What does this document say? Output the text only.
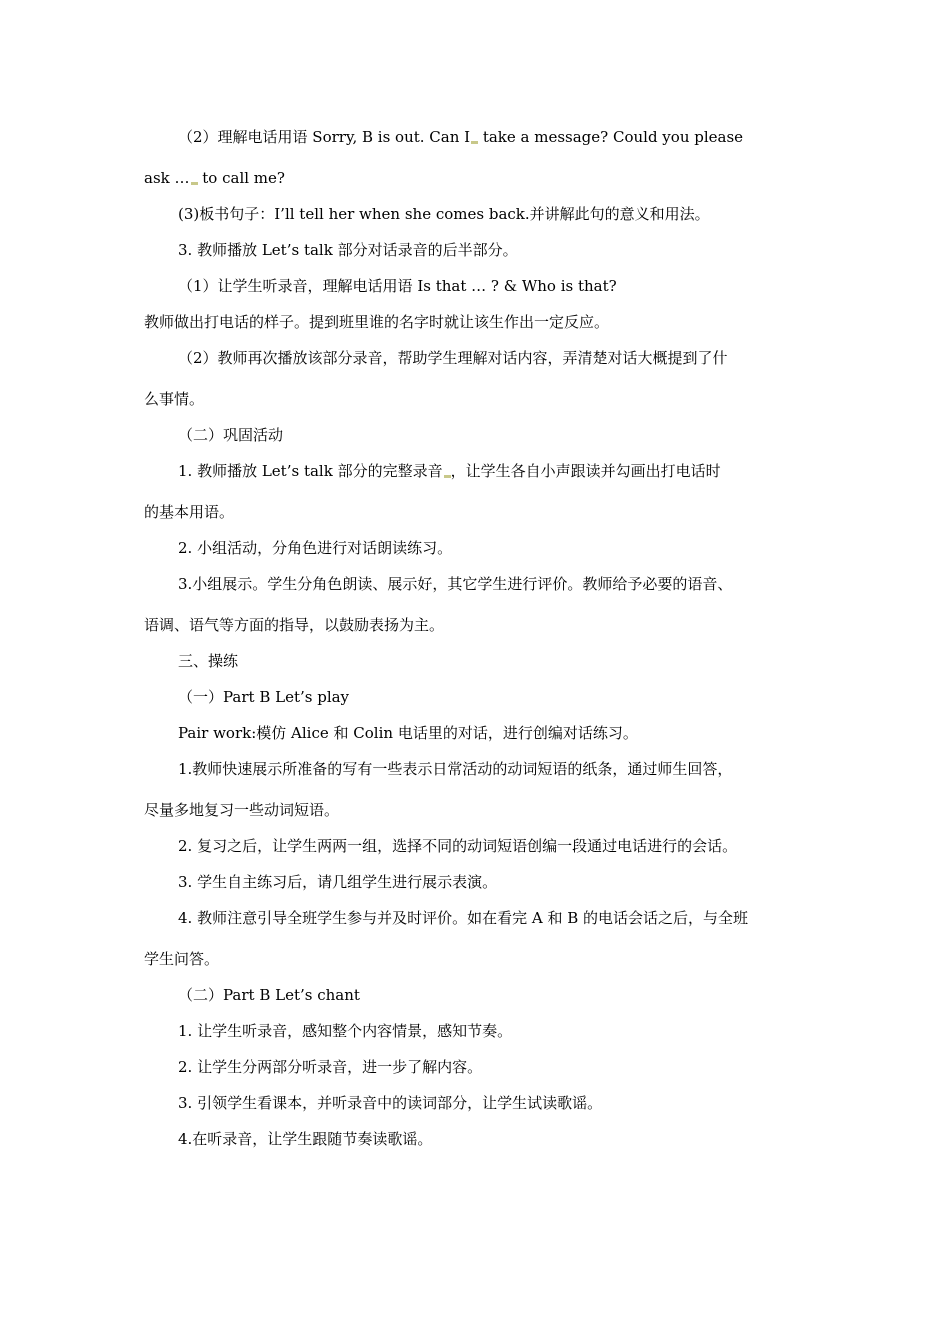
（2）理解电话用语 Sorry, B is out. Can I take a message? Could you please
ask … to call me?
(3)板书句子：I’ll tell her when she comes back.并讲解此句的意义和用法。
3. 教师播放 Let’s talk 部分对话录音的后半部分。
（1）让学生听录音，理解电话用语 Is that … ? & Who is that?
教师做出打电话的样子。提到班里谁的名字时就让该生作出一定反应。
（2）教师再次播放该部分录音，帮助学生理解对话内容，弄清楚对话大概提到了什
么事情。
（二）巩固活动
1. 教师播放 Let’s talk 部分的完整录音 ，让学生各自小声跟读并勾画出打电话时
的基本用语。
2. 小组活动，分角色进行对话朗读练习。
3.小组展示。学生分角色朗读、展示好，其它学生进行评价。教师给予必要的语音、
语调、语气等方面的指导，以鼓励表扬为主。
三、操练
（一）Part B Let’s play
Pair work:模仿 Alice 和 Colin 电话里的对话，进行创编对话练习。
1.教师快速展示所准备的写有一些表示日常活动的动词短语的纸条，通过师生回答，
尽量多地复习一些动词短语。
2. 复习之后，让学生两两一组，选择不同的动词短语创编一段通过电话进行的会话。
3. 学生自主练习后，请几组学生进行展示表演。
4. 教师注意引导全班学生参与并及时评价。如在看完 A 和 B 的电话会话之后，与全班
学生问答。
（二）Part B Let’s chant
1. 让学生听录音，感知整个内容情景，感知节奏。
2. 让学生分两部分听录音，进一步了解内容。
3. 引领学生看课本，并听录音中的读词部分，让学生试读歌谣。
4.在听录音，让学生跟随节奏读歌谣。
